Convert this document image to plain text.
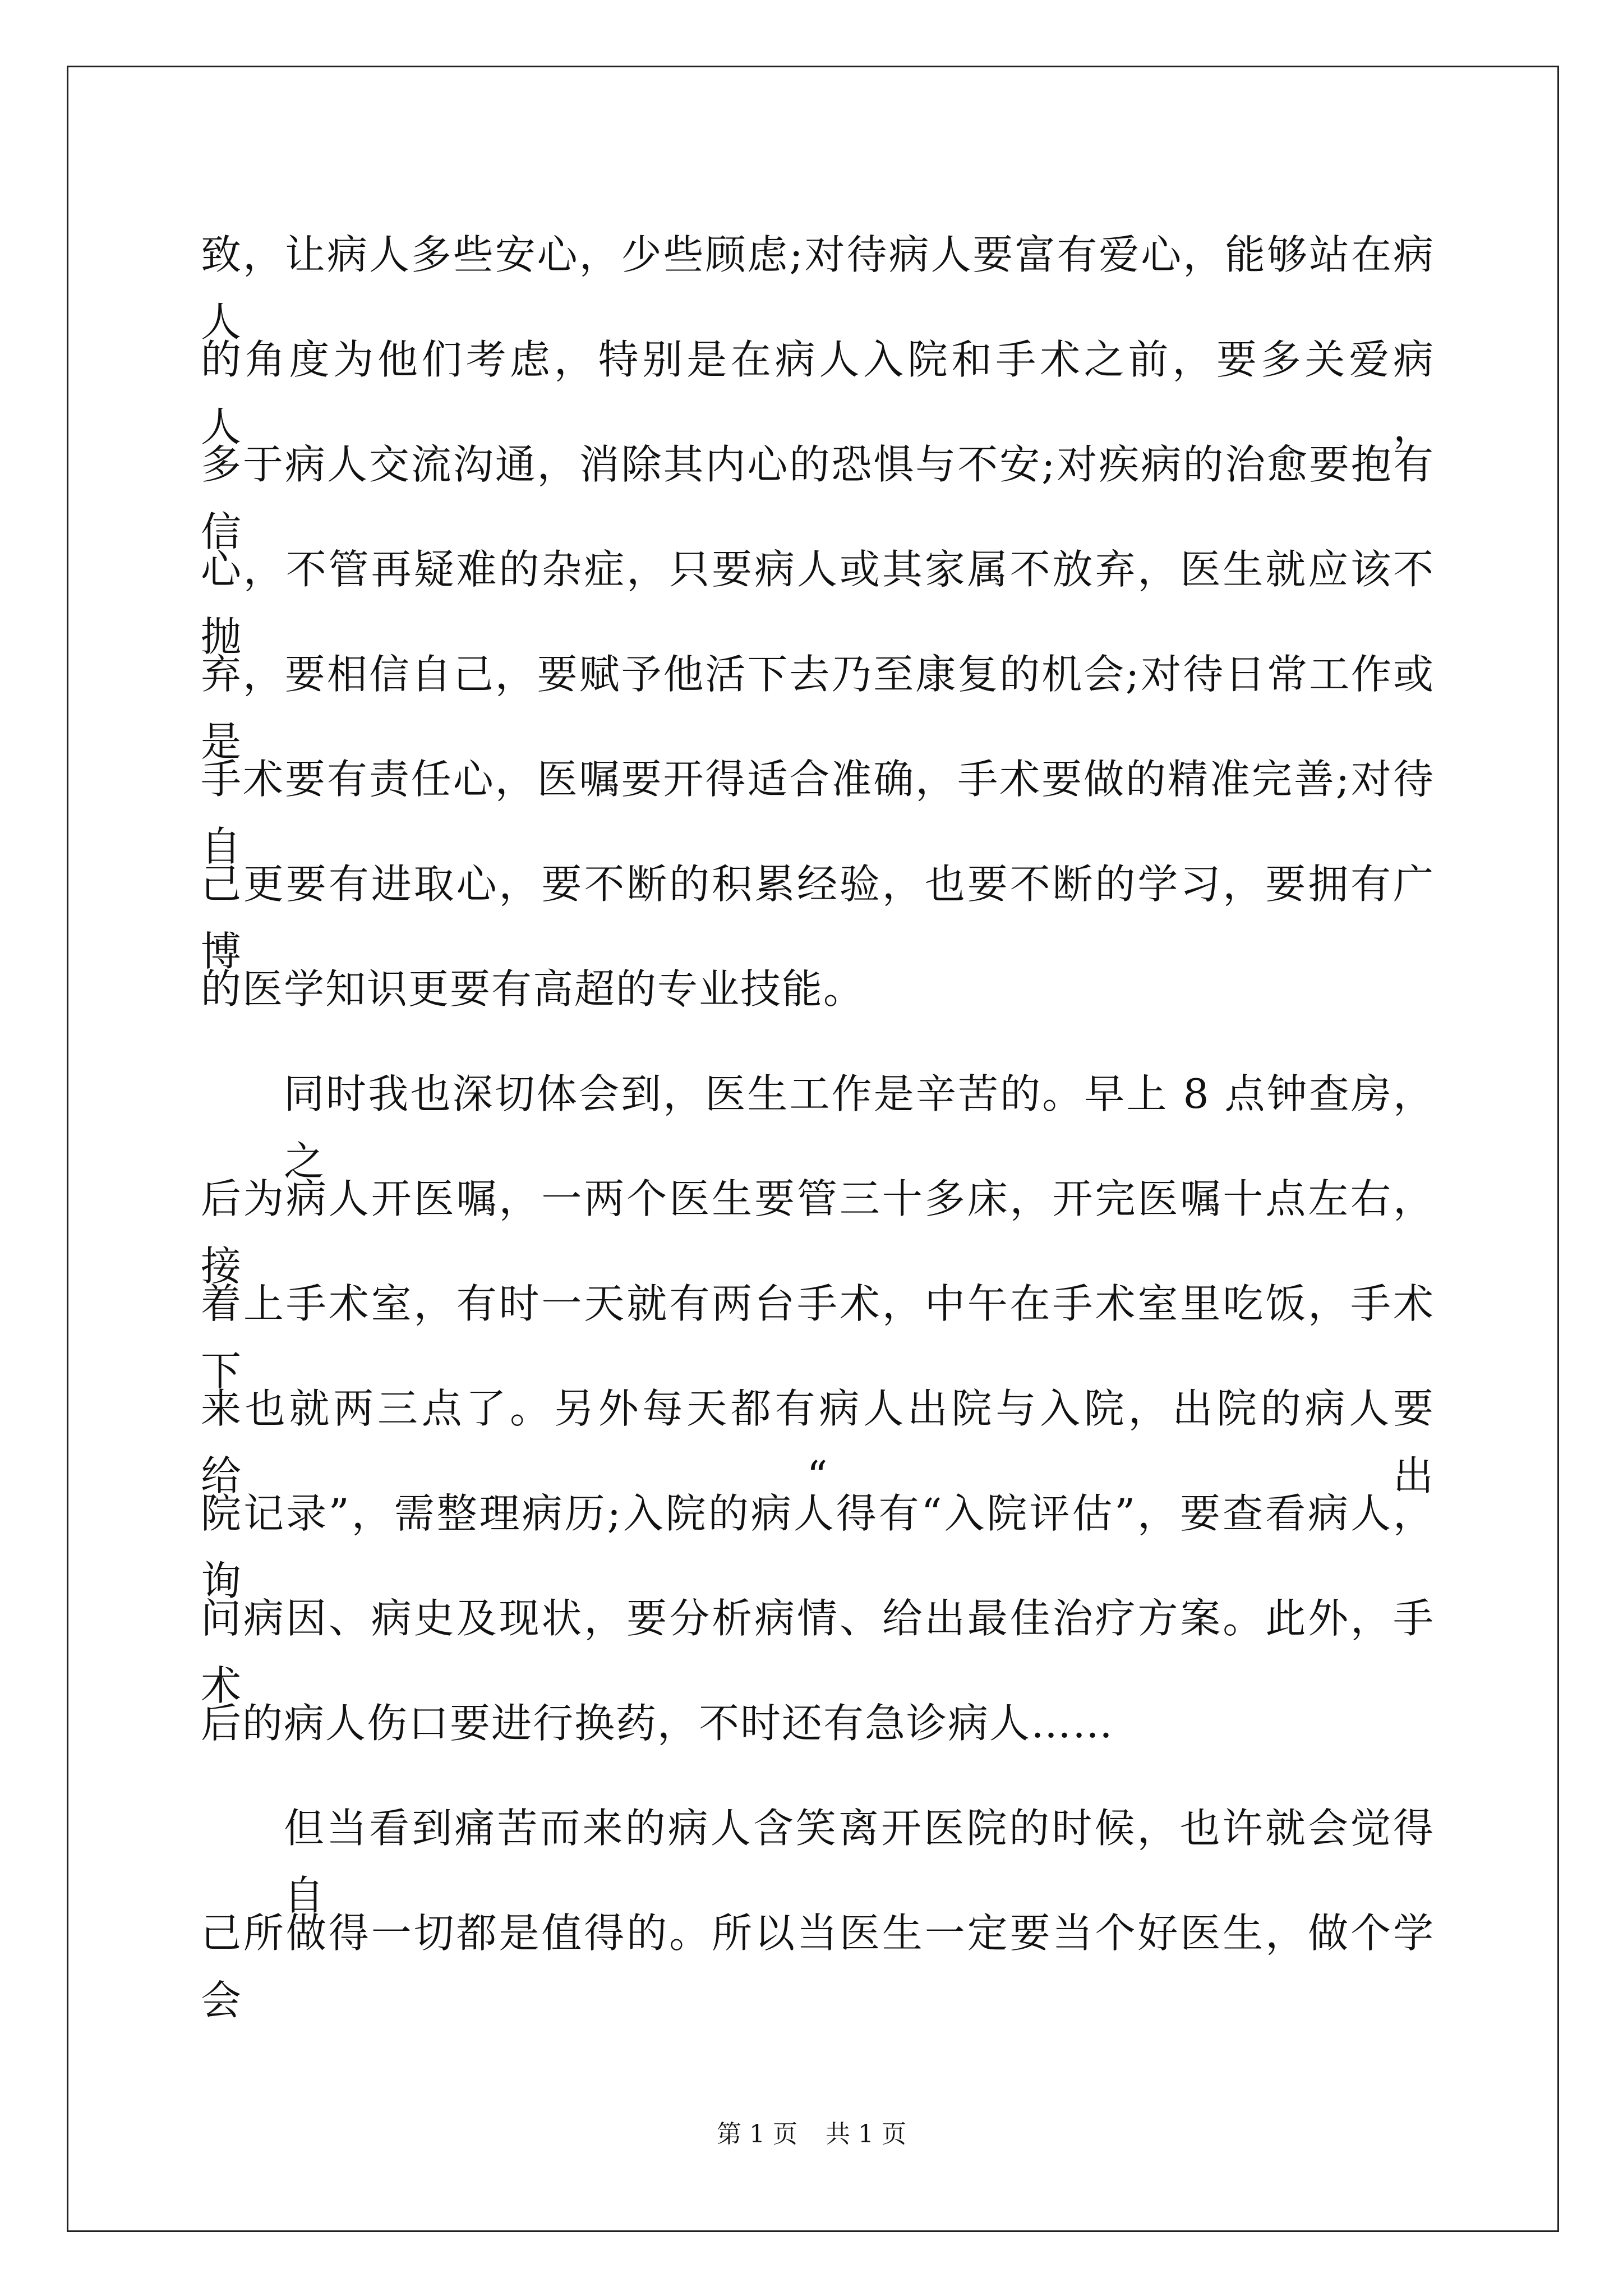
致，让病人多些安心，少些顾虑;对待病人要富有爱心，能够站在病人
的角度为他们考虑，特别是在病人入院和手术之前，要多关爱病人，
多于病人交流沟通，消除其内心的恐惧与不安;对疾病的治愈要抱有信
心，不管再疑难的杂症，只要病人或其家属不放弃，医生就应该不抛
弃，要相信自己，要赋予他活下去乃至康复的机会;对待日常工作或是
手术要有责任心，医嘱要开得适合准确，手术要做的精准完善;对待自
己更要有进取心，要不断的积累经验，也要不断的学习，要拥有广博
的医学知识更要有高超的专业技能。
同时我也深切体会到，医生工作是辛苦的。早上 8 点钟查房，之
后为病人开医嘱，一两个医生要管三十多床，开完医嘱十点左右，接
着上手术室，有时一天就有两台手术，中午在手术室里吃饭，手术下
来也就两三点了。另外每天都有病人出院与入院，出院的病人要给“出
院记录”，需整理病历;入院的病人得有“入院评估”，要查看病人，询
问病因、病史及现状，要分析病情、给出最佳治疗方案。此外，手术
后的病人伤口要进行换药，不时还有急诊病人……
但当看到痛苦而来的病人含笑离开医院的时候，也许就会觉得自
己所做得一切都是值得的。所以当医生一定要当个好医生，做个学会
第 1 页 共 1 页
